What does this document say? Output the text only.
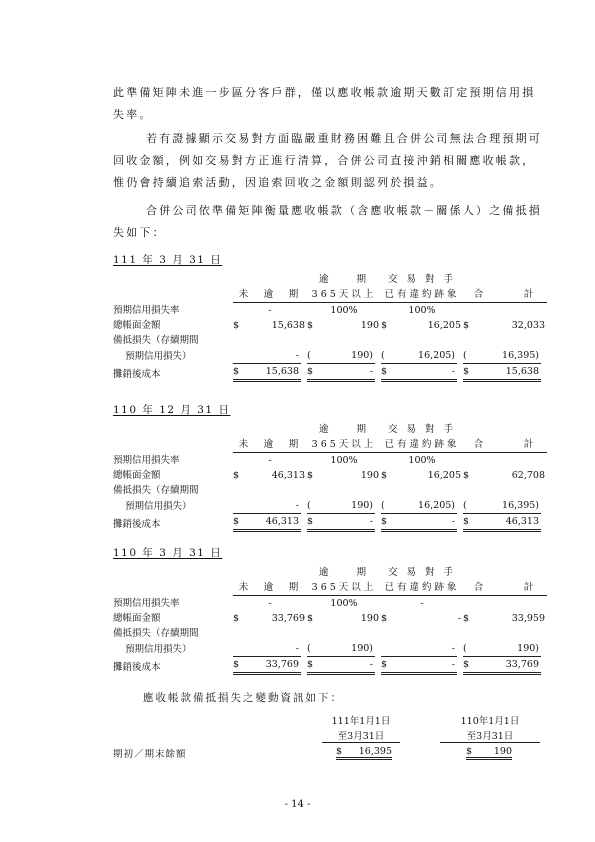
此準備矩陣未進一步區分客戶群，僅以應收帳款逾期天數訂定預期信用損失率。

若有證據顯示交易對方面臨嚴重財務困難且合併公司無法合理預期可回收金額，例如交易對方正進行清算，合併公司直接沖銷相關應收帳款，惟仍會持續追索活動，因追索回收之金額則認列於損益。

合併公司依準備矩陣衡量應收帳款（含應收帳款－關係人）之備抵損失如下：

111 年 3 月 31 日
		逾　　期	交 易 對 手	
	未　逾　期	365天以上	已有違約跡象	合　　　計
預期信用損失率	-	100%	100%	
總帳面金額	$ 15,638	$ 190	$ 16,205	$ 32,033

備抵損失（存續期間				
預期信用損失）	-	( 190)	( 16,205)	( 16,395)

攤銷後成本	$ 15,638	$ -	$ -	$ 15,638
110 年 12 月 31 日
		逾　　期	交 易 對 手	
	未　逾　期	365天以上	已有違約跡象	合　　　計
預期信用損失率	-	100%	100%	
總帳面金額	$ 46,313	$ 190	$ 16,205	$ 62,708

備抵損失（存續期間				
預期信用損失）	-	( 190)	( 16,205)	( 16,395)

攤銷後成本	$ 46,313	$ -	$ -	$ 46,313
110 年 3 月 31 日
		逾　　期	交 易 對 手	
	未　逾　期	365天以上	已有違約跡象	合　　　計
預期信用損失率	-	100%	-	
總帳面金額	$ 33,769	$ 190	$ -	$ 33,959

備抵損失（存續期間				
預期信用損失）	-	( 190)	-	( 190)

攤銷後成本	$ 33,769	$ -	$ -	$ 33,769
應收帳款備抵損失之變動資訊如下：
111年1月1日
至3月31日
110年1月1日
至3月31日
期初／期末餘額	$ 16,395	$ 190
- 14 -
